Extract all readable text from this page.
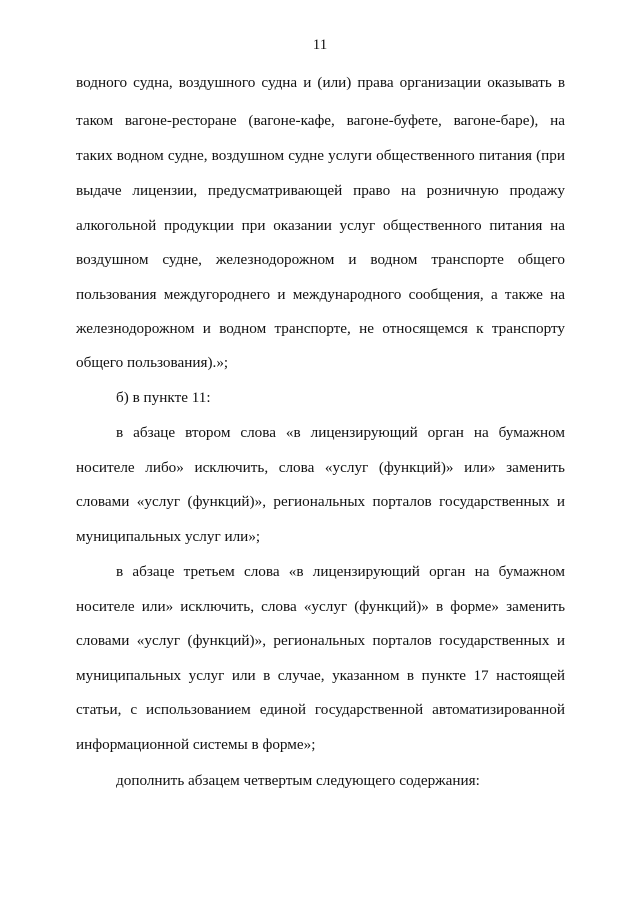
11
водного судна, воздушного судна и (или) права организации оказывать в
таком вагоне-ресторане (вагоне-кафе, вагоне-буфете, вагоне-баре), на
таких водном судне, воздушном судне услуги общественного питания (при
выдаче лицензии, предусматривающей право на розничную продажу
алкогольной продукции при оказании услуг общественного питания на
воздушном судне, железнодорожном и водном транспорте общего
пользования междугороднего и международного сообщения, а также на
железнодорожном и водном транспорте, не относящемся к транспорту
общего пользования).»;
б) в пункте 11:
в абзаце втором слова «в лицензирующий орган на бумажном
носителе либо» исключить, слова «услуг (функций)» или» заменить
словами «услуг (функций)», региональных порталов государственных и
муниципальных услуг или»;
в абзаце третьем слова «в лицензирующий орган на бумажном
носителе или» исключить, слова «услуг (функций)» в форме» заменить
словами «услуг (функций)», региональных порталов государственных и
муниципальных услуг или в случае, указанном в пункте 17 настоящей
статьи, с использованием единой государственной автоматизированной
информационной системы в форме»;
дополнить абзацем четвертым следующего содержания:
